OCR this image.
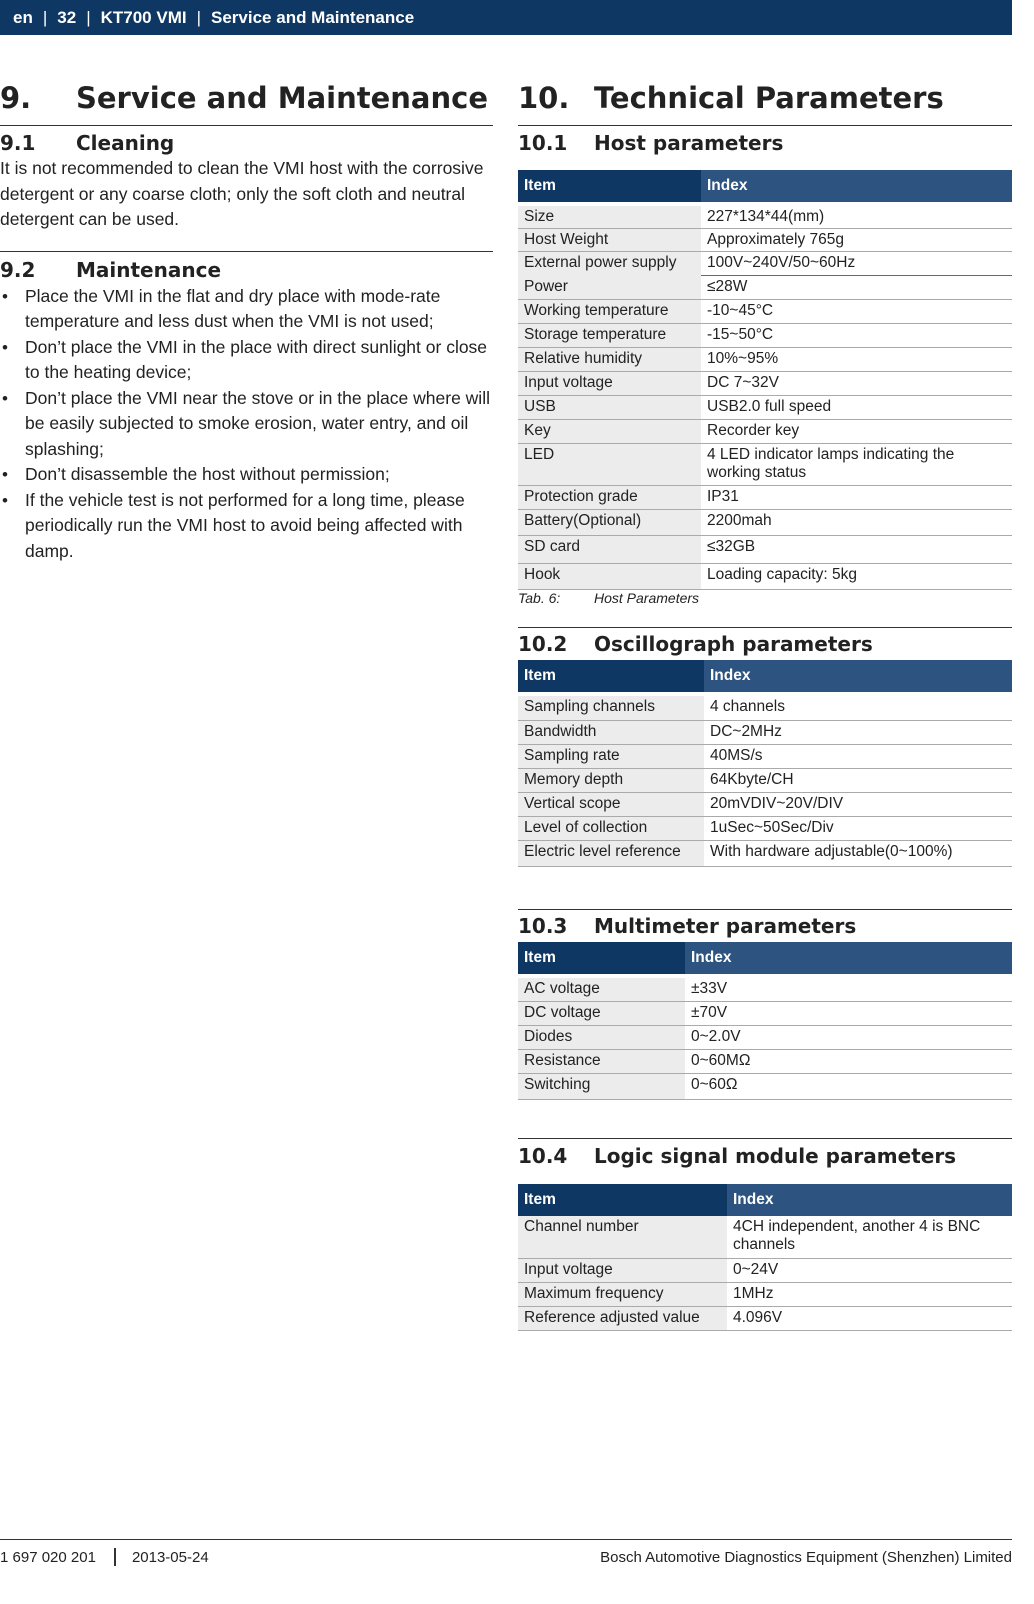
en | 32 | KT700 VMI | Service and Maintenance
9.	Service and Maintenance
9.1	Cleaning

It is not recommended to clean the VMI host with the corrosive detergent or any coarse cloth; only the soft cloth and neutral detergent can be used.

9.2	Maintenance
• Place the VMI in the flat and dry place with mode-rate temperature and less dust when the VMI is not used;
• Don’t place the VMI in the place with direct sunlight or close to the heating device;
• Don’t place the VMI near the stove or in the place where will be easily subjected to smoke erosion, water entry, and oil splashing;
• Don’t disassemble the host without permission;
• If the vehicle test is not performed for a long time, please periodically run the VMI host to avoid being affected with damp.
10. Technical Parameters
10.1	Host parameters
Item	Index

Size	227*134*44(mm)
Host Weight	Approximately 765g
External power supply	100V~240V/50~60Hz
Power	≤28W
Working temperature	-10~45°C
Storage temperature	-15~50°C
Relative humidity	10%~95%
Input voltage	DC 7~32V
USB	USB2.0 full speed
Key	Recorder key
LED	4 LED indicator lamps indicating the working status
Protection grade	IP31
Battery(Optional)	2200mah
SD card	≤32GB
Hook	Loading capacity: 5kg
Tab. 6:	Host Parameters
10.2	Oscillograph parameters
Item	Index

Sampling channels	4 channels
Bandwidth	DC~2MHz
Sampling rate	40MS/s
Memory depth	64Kbyte/CH
Vertical scope	20mVDIV~20V/DIV
Level of collection	1uSec~50Sec/Div
Electric level reference	With hardware adjustable(0~100%)
10.3	Multimeter parameters
Item	Index

AC voltage	±33V
DC voltage	±70V
Diodes	0~2.0V
Resistance	0~60MΩ
Switching	0~60Ω
10.4	Logic signal module parameters
Item	Index
Channel number	4CH independent, another 4 is BNC channels
Input voltage	0~24V
Maximum frequency	1MHz
Reference adjusted value	4.096V
1 697 020 201 2013-05-24	Bosch Automotive Diagnostics Equipment (Shenzhen) Limited
